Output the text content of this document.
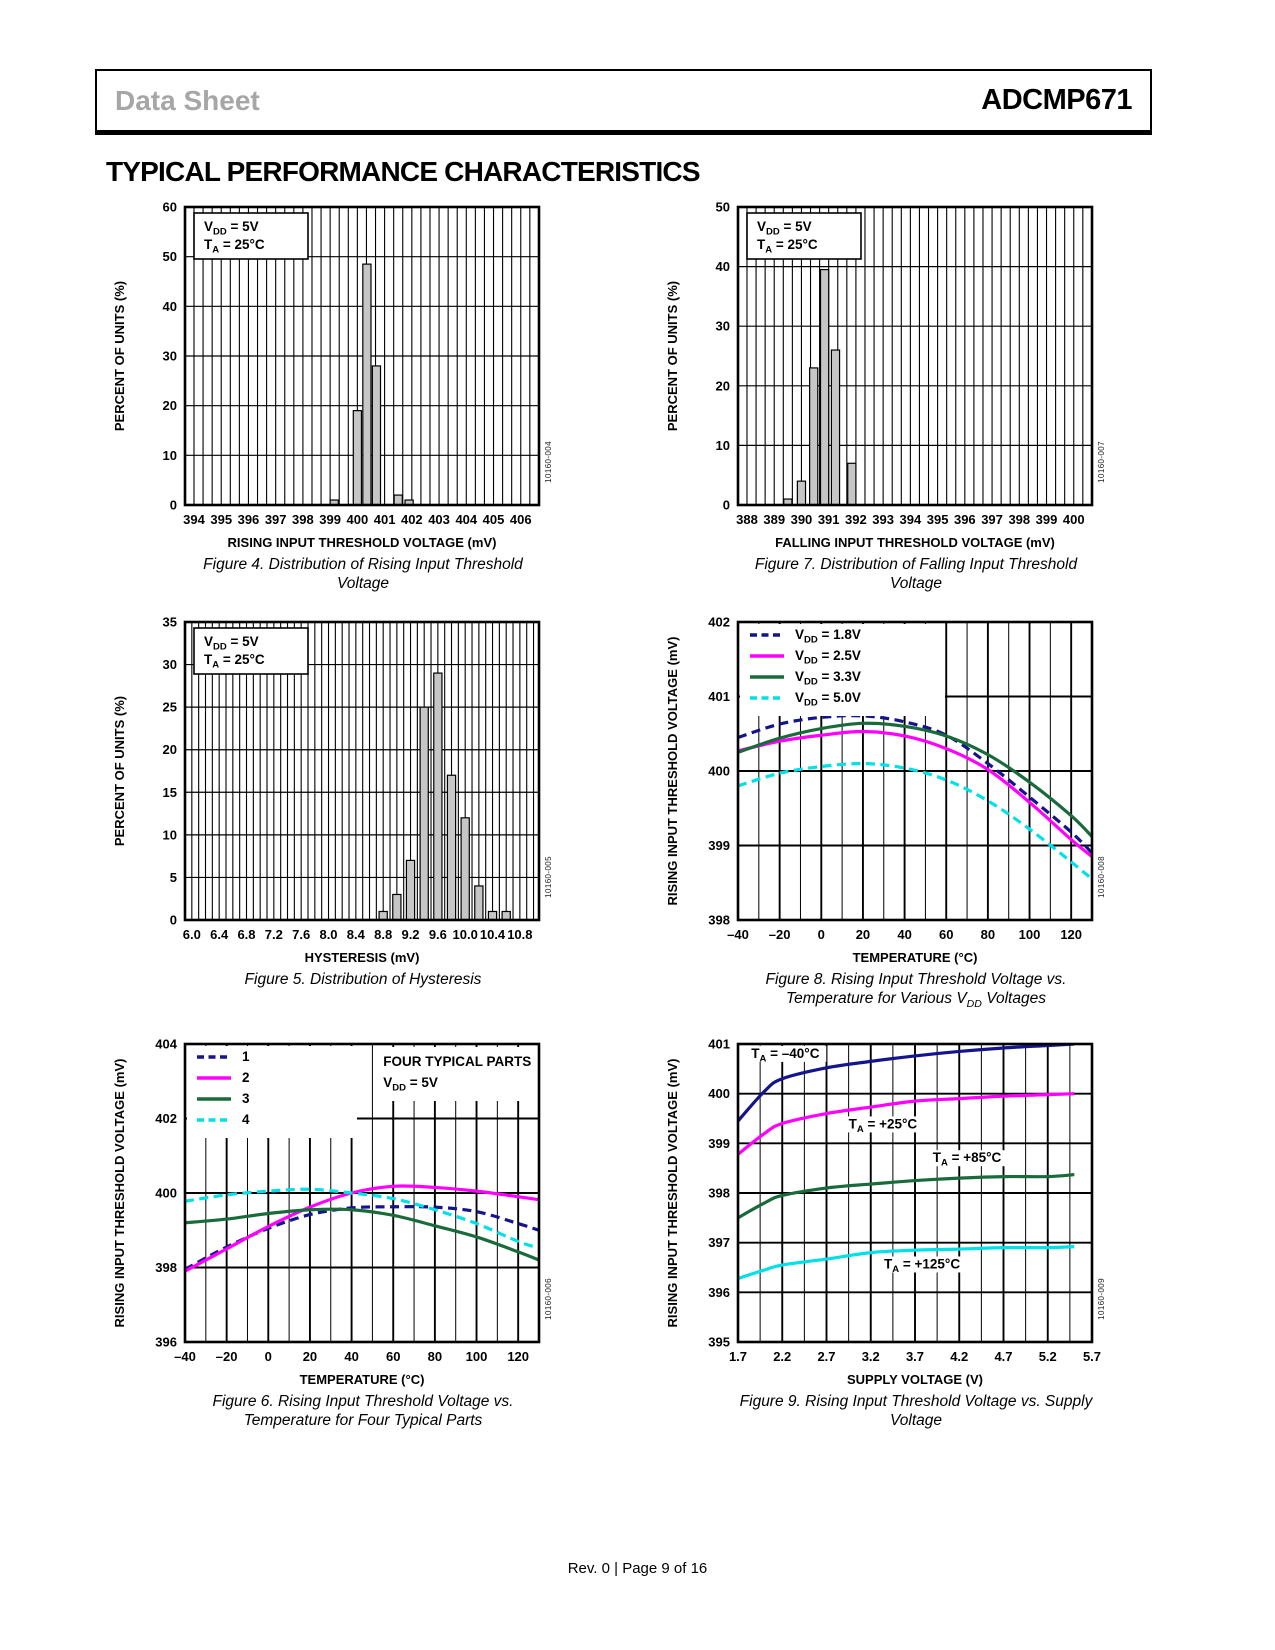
Data Sheet	ADCMP671
TYPICAL PERFORMANCE CHARACTERISTICS
$V_{DD} = 5V$
$T_A = 25^\circ C$
394 395 396 397 398 399 400 401 402 403 404 405 406
0
10
20
30
40
50
60
RISING INPUT THRESHOLD VOLTAGE (mV)
PERCENT OF UNITS (%)
10160-004
Figure 4. Distribution of Rising Input Threshold Voltage
$V_{DD} = 5V$
$T_A = 25^\circ C$
388 389 390 391 392 393 394 395 396 397 398 399 400
0
10
20
30
40
50
FALLING INPUT THRESHOLD VOLTAGE (mV)
PERCENT OF UNITS (%)
10160-007
Figure 7. Distribution of Falling Input Threshold Voltage
$V_{DD} = 5V$
$T_A = 25^\circ C$
6.0 6.4 6.8 7.2 7.6 8.0 8.4 8.8 9.2 9.6 10.0 10.4 10.8
0
5
10
15
20
25
30
35
HYSTERESIS (mV)
PERCENT OF UNITS (%)
10160-005
Figure 5. Distribution of Hysteresis
$V_{DD} = 1.8V$
$V_{DD} = 2.5V$
$V_{DD} = 3.3V$
$V_{DD} = 5.0V$
–40 –20 0 20 40 60 80 100 120
398
399
400
401
402
TEMPERATURE (°C)
RISING INPUT THRESHOLD VOLTAGE (mV)	10160-008
Figure 8. Rising Input Threshold Voltage vs.
Temperature for Various $V_{DD}$ Voltages
FOUR TYPICAL PARTS
$V_{DD} = 5V$
1
2
3
4
–40 –20 0 20 40 60 80 100 120
396
398
400
402
404
TEMPERATURE (°C)
RISING INPUT THRESHOLD VOLTAGE (mV)	10160-006
Figure 6. Rising Input Threshold Voltage vs.
Temperature for Four Typical Parts
$T_A = -40^\circ C$
$T_A = +25^\circ C$
$T_A = +85^\circ C$
$T_A = +125^\circ C$
1.7 2.2 2.7 3.2 3.7 4.2 4.7 5.2 5.7
395
396
397
398
399
400
401
SUPPLY VOLTAGE (V)
RISING INPUT THRESHOLD VOLTAGE (mV)	10160-009
Figure 9. Rising Input Threshold Voltage vs. Supply Voltage
Rev. 0 | Page 9 of 16
